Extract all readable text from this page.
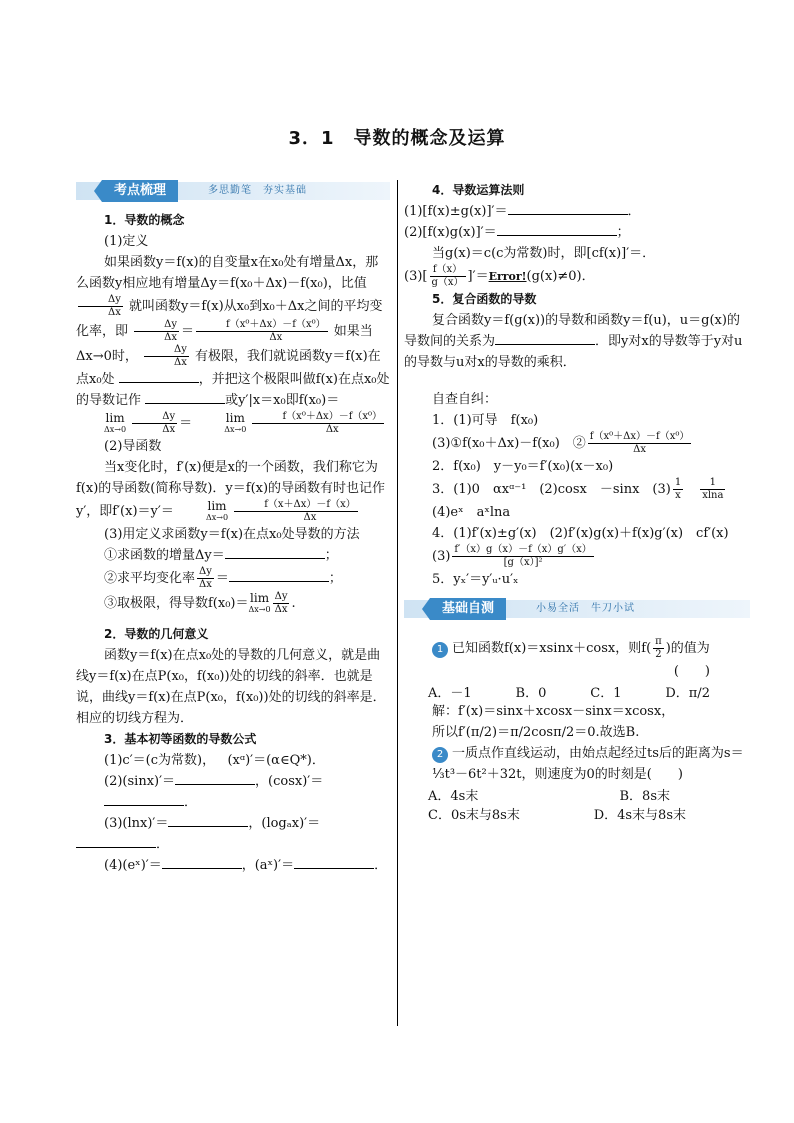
3．1　导数的概念及运算
考点梳理	多思勤笔　夯实基础

1．导数的概念

(1)定义

如果函数y＝f(x)的自变量x在x₀处有增量Δx，那么函数y相应地有增量Δy＝f(x₀＋Δx)－f(x₀)，比值
$\frac{\Delta y}{\Delta x}$ 就叫函数y＝f(x)从x₀到x₀＋Δx之间的平均变化率，即 $\frac{\Delta y}{\Delta x} = \frac{\text{f（x⁰＋Δx）－f（x⁰）}}{\Delta x}$ 如果当Δx→0时， $\frac{\Delta y}{\Delta x}$ 有极限，我们就说函数y＝f(x)在点x₀处	，并把这个极限叫做f(x)在点x₀处的导数记作	或y′|x＝x₀即f(x₀)＝ lim
Δx→0
$\frac{\Delta y}{\Delta x} = \lim$
Δx→0
$\frac{\text{f（x⁰＋Δx）－f（x⁰）}}{\Delta x}$

(2)导函数

当x变化时，f′(x)便是x的一个函数，我们称它为f(x)的导函数(简称导数)．y＝f(x)的导函数有时也记作y′，即f′(x)＝y′＝	lim
Δx→0
$\frac{f(x+\Delta x)-f(x)}{\Delta x}$

(3)用定义求函数y＝f(x)在点x₀处导数的方法

①求函数的增量Δy＝	；

②求平均变化率 $\frac{\Delta y}{\Delta x}$ ＝	；

③取极限，得导数f(x₀)＝ lim
$\Delta x\to 0 \frac{\Delta y}{\Delta x}$ .

2．导数的几何意义

函数y＝f(x)在点x₀处的导数的几何意义，就是曲线y＝f(x)在点P(x₀，f(x₀))处的切线的斜率．也就是说，曲线y＝f(x)在点P(x₀，f(x₀))处的切线的斜率是．相应的切线方程为．

3．基本初等函数的导数公式

(1)c′＝(c为常数)， (xᵅ)′＝(α∈Q*)．

(2)(sinx)′＝	，(cosx)′＝．

(3)(lnx)′＝	，(logₐx)′＝

．

(4)(eˣ)′＝	，(aˣ)′＝	．

4．导数运算法则

(1)[f(x)±g(x)]′＝	．

(2)[f(x)g(x)]′＝	；

当g(x)＝c(c为常数)时，即[cf(x)]′＝．

$(3)[ \frac{f(x)}{g(x)}$ ]′＝Error!(g(x)≠0)．

5．复合函数的导数

复合函数y＝f(g(x))的导数和函数y＝f(u)，u＝g(x)的导数间的关系为	．即y对x的导数等于y对u的导数与u对x的导数的乘积．

自查自纠：

1．(1)可导　f(x₀)

(3)①f(x₀＋Δx)－f(x₀)　② $\frac{\text{f（x⁰＋Δx）－f（x⁰）}}{\Delta x}$

2．f(x₀)　y－y₀＝f′(x₀)(x－x₀)

3．(1)0　αxᵅ⁻¹　(2)cosx　－sinx　$(3) \frac{1}{x}$
　 $\frac{1}{xlna}$

(4)eˣ　aˣlna

4．(1)f′(x)±g′(x)　(2)f′(x)g(x)＋f(x)g′(x)　cf′(x)

$(3) \frac{f'(x)g(x)-f(x)g'(x)}{\text{[g（x）]²}}$

5．yₓ′＝y′ᵤ·u′ₓ

基础自测	小易全活　牛刀小试

1 已知函数f(x)＝xsinx＋cosx，则$f( \frac{\pi}{2}$ )的值为

(　　)

A．－1	B．0	C．1	D．π/2

解：f′(x)＝sinx＋xcosx－sinx＝xcosx，

所以f′(π/2)＝π/2cosπ/2＝0.故选B.

2 一质点作直线运动，由始点起经过ts后的距离为s＝⅓t³－6t²＋32t，则速度为0的时刻是(　　)

A．4s末	B．8s末
C．0s末与8s末	D．4s末与8s末
